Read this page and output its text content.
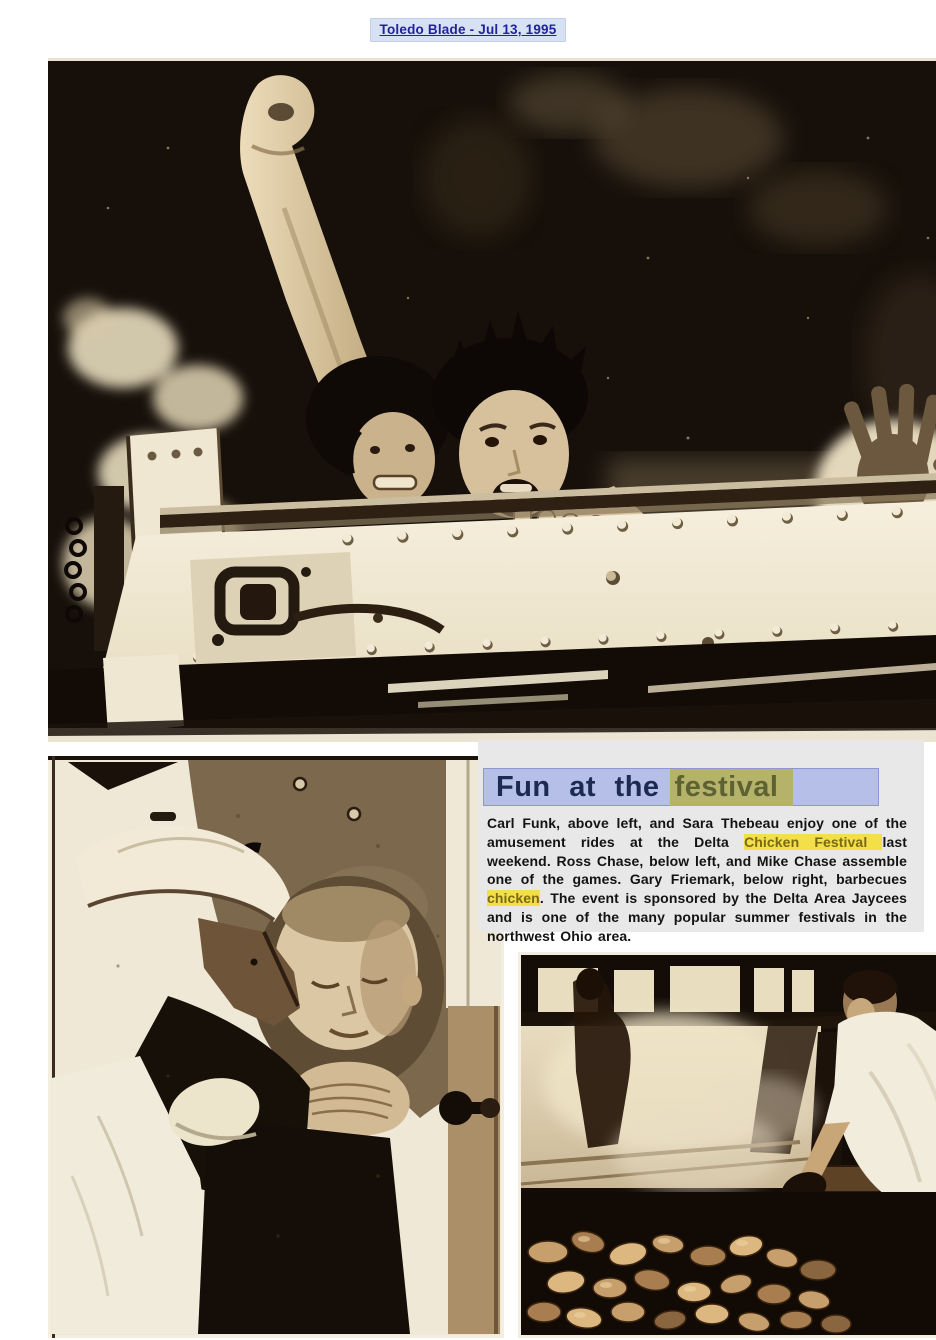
Toledo Blade - Jul 13, 1995
Fun at the festival

Carl Funk, above left, and Sara Thebeau enjoy one of the amusement rides at the Delta Chicken Festival last weekend. Ross Chase, below left, and Mike Chase assemble one of the games. Gary Friemark, below right, barbecues chicken. The event is sponsored by the Delta Area Jaycees and is one of the many popular summer festivals in the northwest Ohio area.
